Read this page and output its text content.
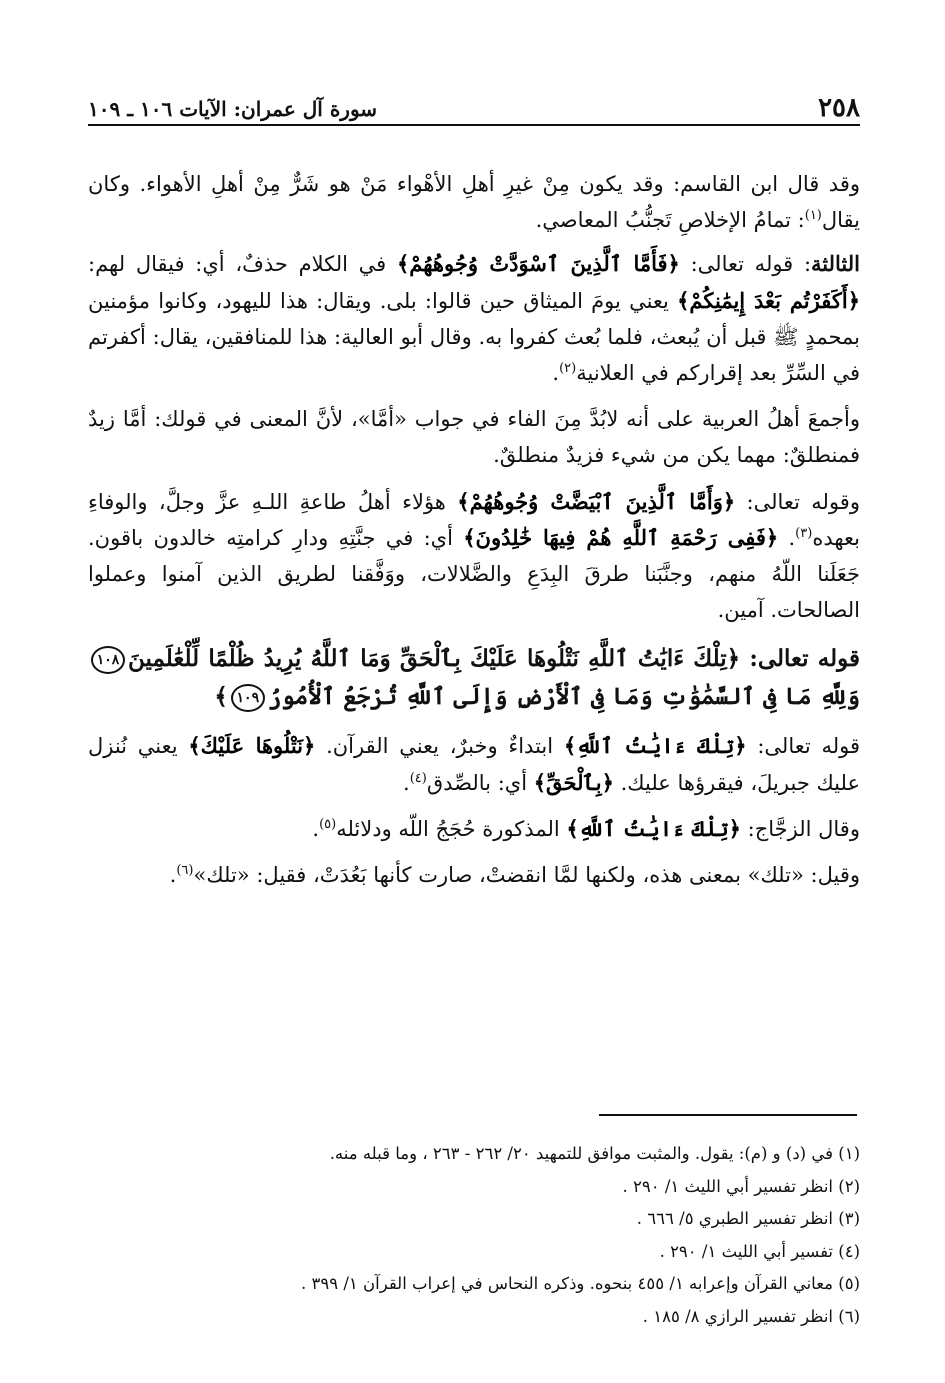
٢٥٨
سورة آل عمران: الآيات ١٠٦ ـ ١٠٩

وقد قال ابن القاسم: وقد يكون مِنْ غيرِ أهلِ الأهْواء مَنْ هو شَرٌّ مِنْ أهلِ الأهواء. وكان يقال$^{(١)}$: تمامُ الإخلاصِ تَجنُّبُ المعاصي.

الثالثة: قوله تعالى: ﴿فَأَمَّا ٱلَّذِينَ ٱسْوَدَّتْ وُجُوهُهُمْ﴾ في الكلام حذفٌ، أي: فيقال لهم: ﴿أَكَفَرْتُم بَعْدَ إِيمَٰنِكُمْ﴾ يعني يومَ الميثاق حين قالوا: بلى. ويقال: هذا لليهود، وكانوا مؤمنين بمحمدٍ ﷺ قبل أن يُبعث، فلما بُعث كفروا به. وقال أبو العالية: هذا للمنافقين، يقال: أكفرتم في السِّرِّ بعد إقراركم في العلانية$^{(٢)}$.

وأجمعَ أهلُ العربية على أنه لابُدَّ مِنَ الفاء في جواب «أمَّا»، لأنَّ المعنى في قولك: أمَّا زيدٌ فمنطلقٌ: مهما يكن من شيء فزيدٌ منطلقٌ.

وقوله تعالى: ﴿وَأَمَّا ٱلَّذِينَ ٱبْيَضَّتْ وُجُوهُهُمْ﴾ هؤلاء أهلُ طاعةِ اللـهِ عزَّ وجلَّ، والوفاءِ بعهده$^{(٣)}$. ﴿فَفِى رَحْمَةِ ٱللَّهِ هُمْ فِيهَا خَٰلِدُونَ﴾ أي: في جنَّتِهِ ودارِ كرامتِه خالدون باقون. جَعَلَنا اللّهُ منهم، وجنَّبَنا طرقَ البِدَعِ والضَّلالات، ووَفَّقنا لطريق الذين آمنوا وعملوا الصالحات. آمين.

قوله تعالى: ﴿تِلْكَ ءَايَٰتُ ٱللَّهِ نَتْلُوهَا عَلَيْكَ بِٱلْحَقِّ وَمَا ٱللَّهُ يُرِيدُ ظُلْمًا لِّلْعَٰلَمِينَ١٠٨ وَلِلَّهِ مَا فِى ٱلسَّمَٰوَٰتِ وَمَا فِى ٱلْأَرْضِ وَإِلَى ٱللَّهِ تُرْجَعُ ٱلْأُمُورُ١٠٩﴾

قوله تعالى: ﴿تِلْكَ ءَايَٰتُ ٱللَّهِ﴾ ابتداءٌ وخبرٌ، يعني القرآن. ﴿نَتْلُوهَا عَلَيْكَ﴾ يعني نُنزل عليك جبريلَ، فيقرؤها عليك. ﴿بِٱلْحَقِّ﴾ أي: بالصِّدق$^{(٤)}$.

وقال الزجَّاج: ﴿تِلْكَ ءَايَٰتُ ٱللَّهِ﴾ المذكورة حُجَجُ اللّه ودلائله$^{(٥)}$.

وقيل: «تلك» بمعنى هذه، ولكنها لمَّا انقضتْ، صارت كأنها بَعُدَتْ، فقيل: «تلك»$^{(٦)}$.

(١) في (د) و (م): يقول. والمثبت موافق للتمهيد ٢٠/ ٢٦٢ - ٢٦٣ ، وما قبله منه.

(٢) انظر تفسير أبي الليث ١/ ٢٩٠ .

(٣) انظر تفسير الطبري ٥/ ٦٦٦ .

(٤) تفسير أبي الليث ١/ ٢٩٠ .

(٥) معاني القرآن وإعرابه ١/ ٤٥٥ بنحوه. وذكره النحاس في إعراب القرآن ١/ ٣٩٩ .

(٦) انظر تفسير الرازي ٨/ ١٨٥ .
